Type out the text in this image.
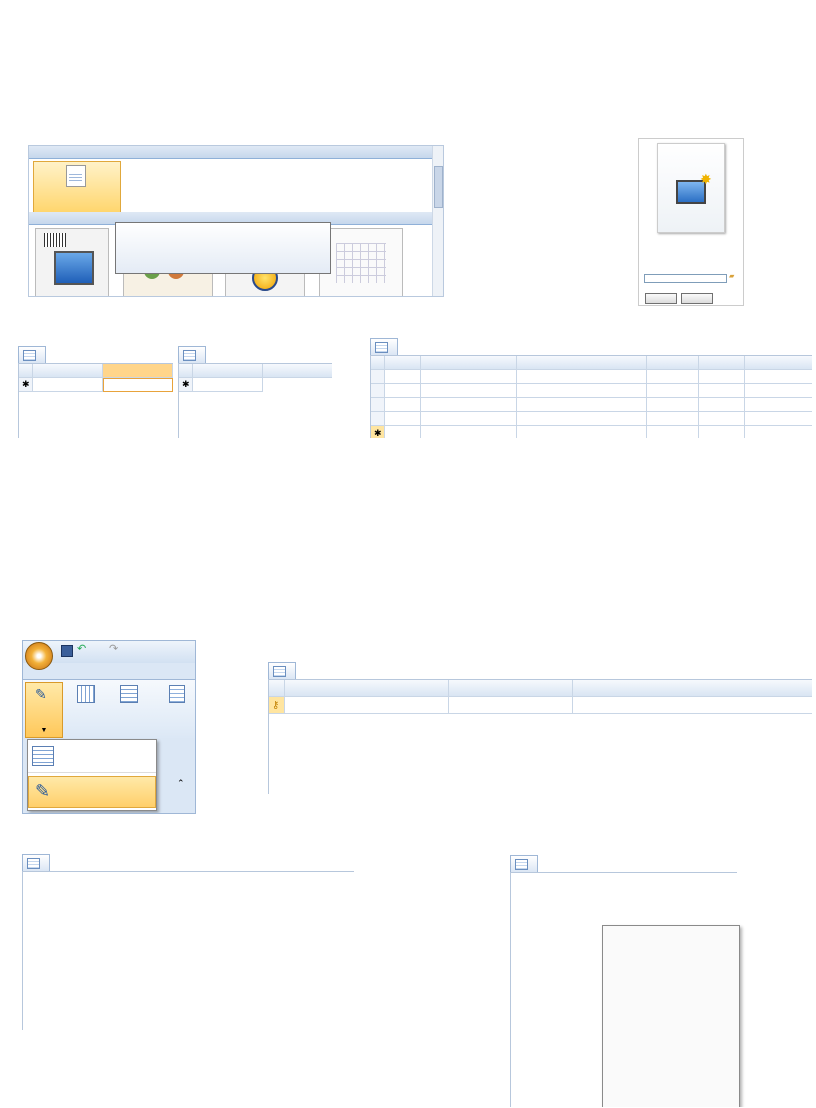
✸
▰
✱	✱
✱
↶ ↷
✎
▼
⌃
✎
⚷
